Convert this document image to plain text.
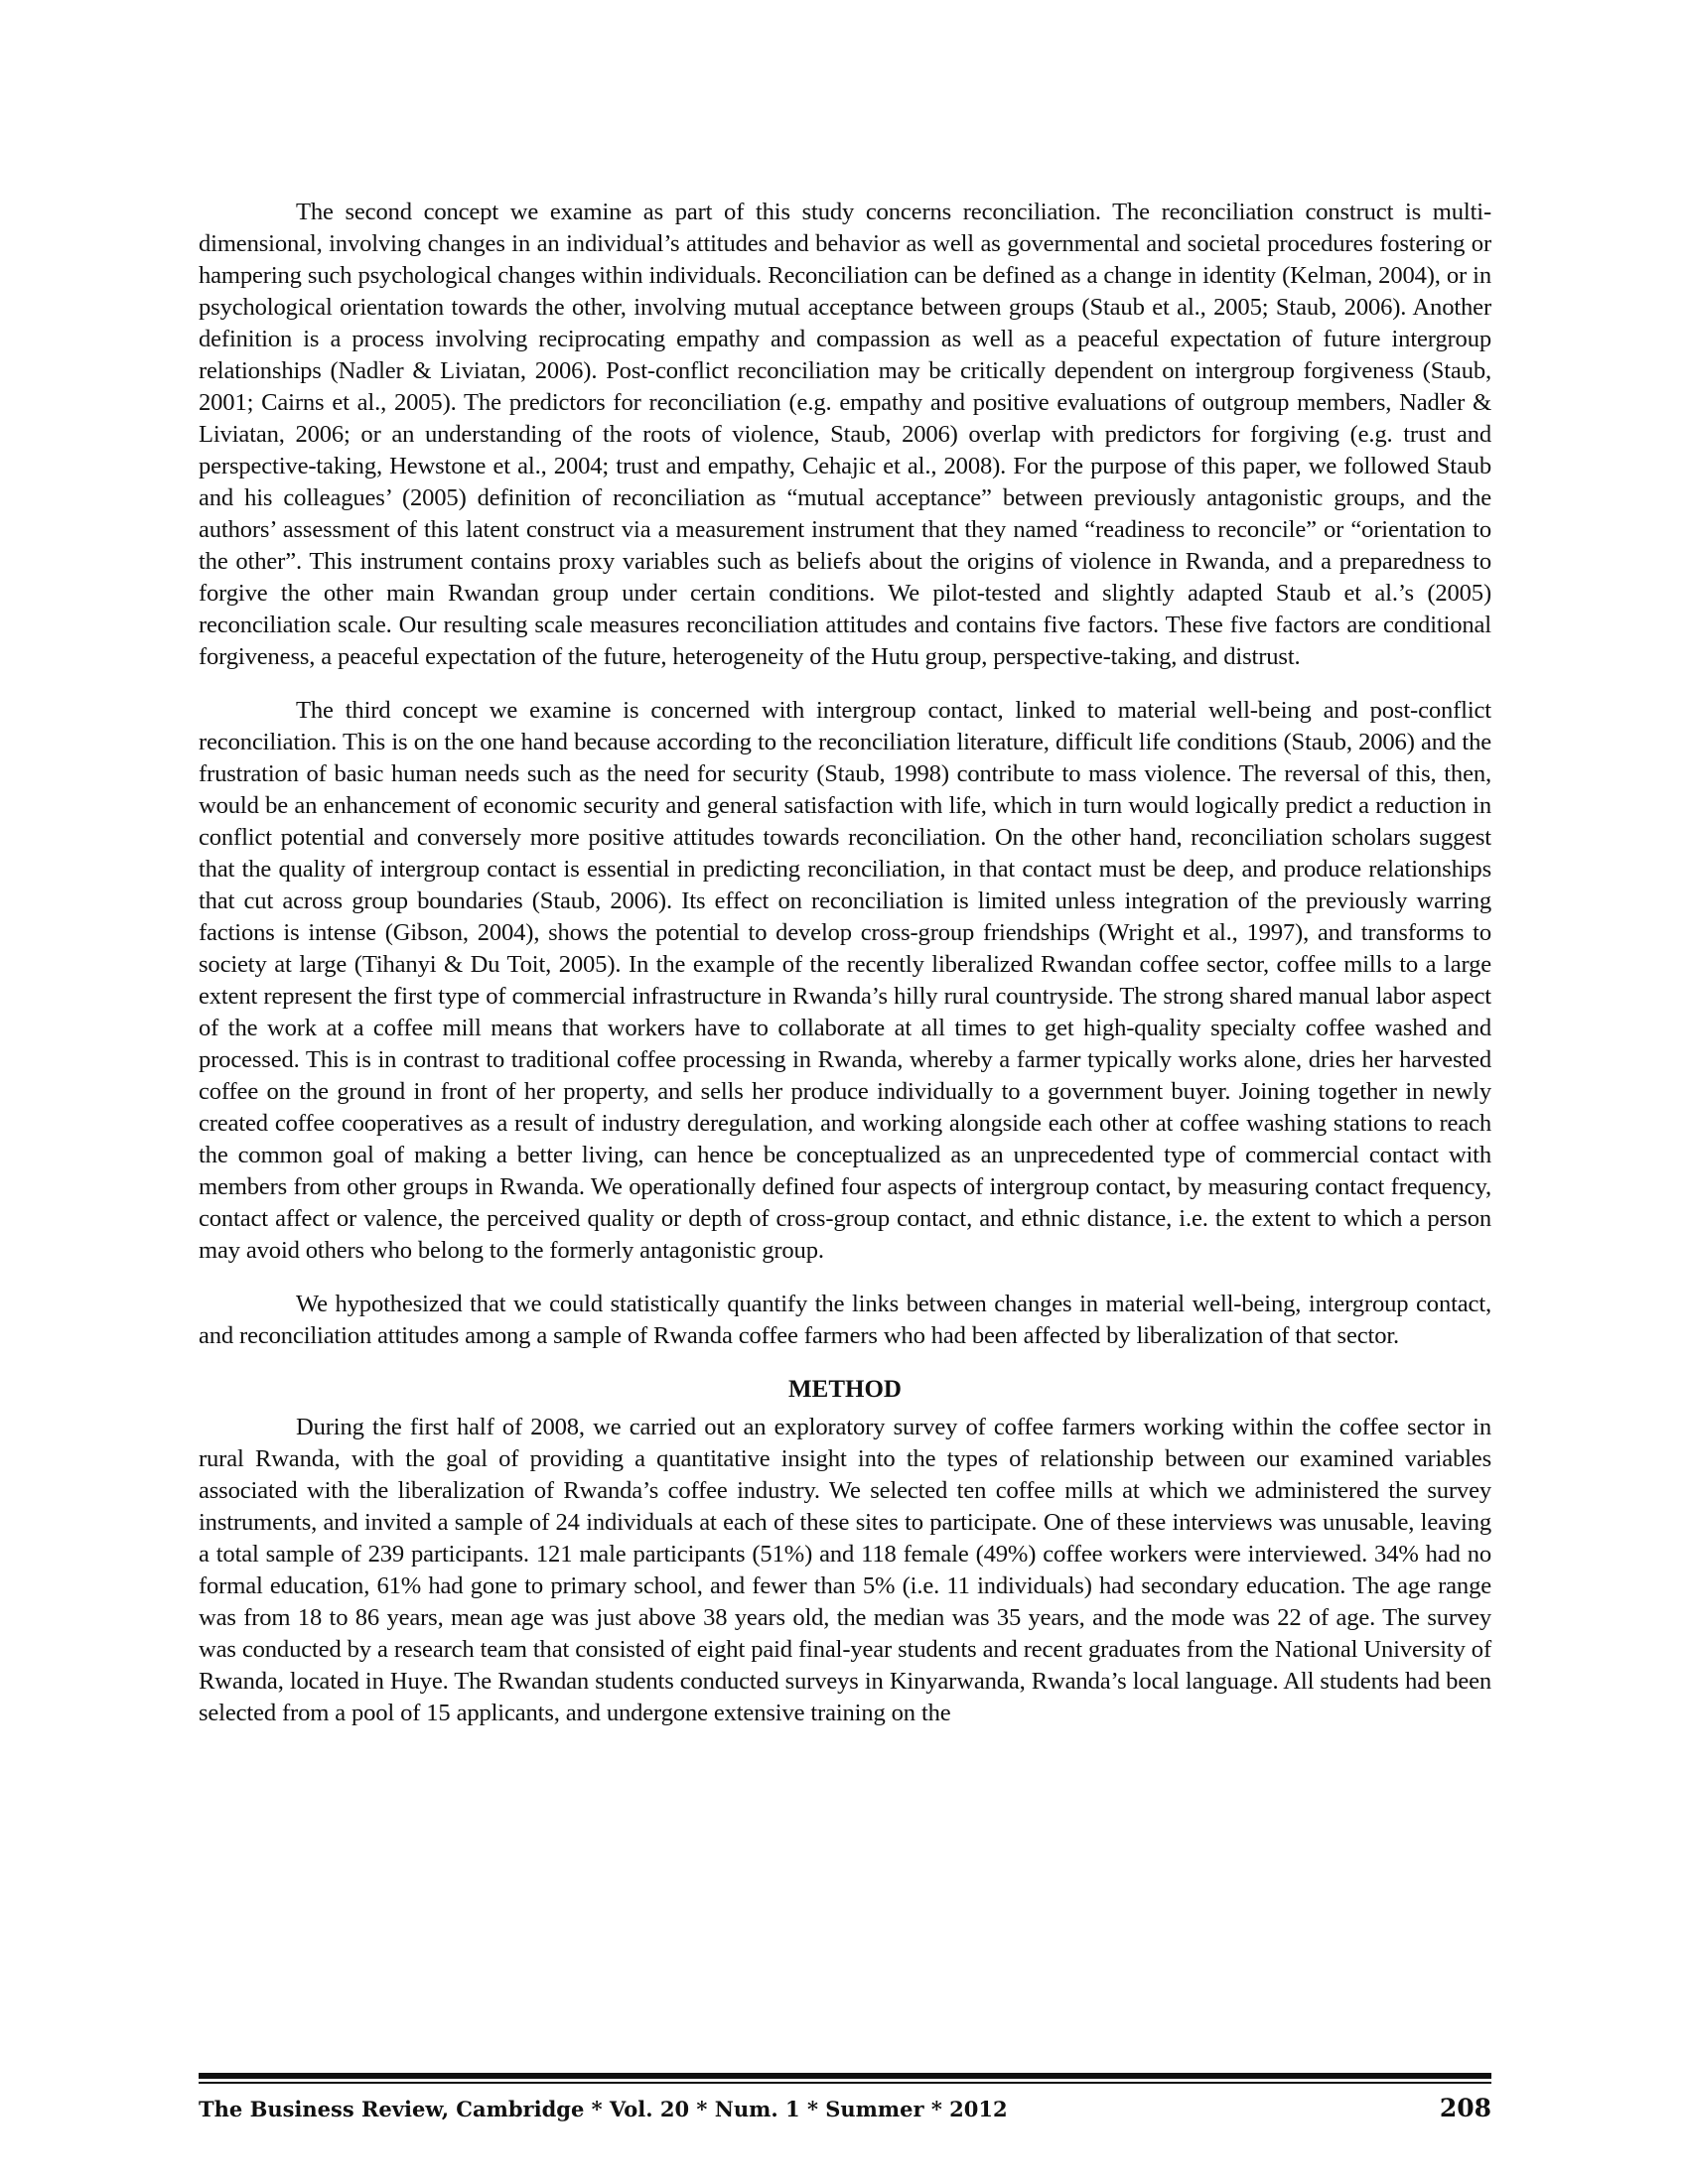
The second concept we examine as part of this study concerns reconciliation. The reconciliation construct is multi-dimensional, involving changes in an individual’s attitudes and behavior as well as governmental and societal procedures fostering or hampering such psychological changes within individuals. Reconciliation can be defined as a change in identity (Kelman, 2004), or in psychological orientation towards the other, involving mutual acceptance between groups (Staub et al., 2005; Staub, 2006). Another definition is a process involving reciprocating empathy and compassion as well as a peaceful expectation of future intergroup relationships (Nadler & Liviatan, 2006). Post-conflict reconciliation may be critically dependent on intergroup forgiveness (Staub, 2001; Cairns et al., 2005). The predictors for reconciliation (e.g. empathy and positive evaluations of outgroup members, Nadler & Liviatan, 2006; or an understanding of the roots of violence, Staub, 2006) overlap with predictors for forgiving (e.g. trust and perspective-taking, Hewstone et al., 2004; trust and empathy, Cehajic et al., 2008). For the purpose of this paper, we followed Staub and his colleagues’ (2005) definition of reconciliation as “mutual acceptance” between previously antagonistic groups, and the authors’ assessment of this latent construct via a measurement instrument that they named “readiness to reconcile” or “orientation to the other”. This instrument contains proxy variables such as beliefs about the origins of violence in Rwanda, and a preparedness to forgive the other main Rwandan group under certain conditions. We pilot-tested and slightly adapted Staub et al.’s (2005) reconciliation scale. Our resulting scale measures reconciliation attitudes and contains five factors. These five factors are conditional forgiveness, a peaceful expectation of the future, heterogeneity of the Hutu group, perspective-taking, and distrust.

The third concept we examine is concerned with intergroup contact, linked to material well-being and post-conflict reconciliation. This is on the one hand because according to the reconciliation literature, difficult life conditions (Staub, 2006) and the frustration of basic human needs such as the need for security (Staub, 1998) contribute to mass violence. The reversal of this, then, would be an enhancement of economic security and general satisfaction with life, which in turn would logically predict a reduction in conflict potential and conversely more positive attitudes towards reconciliation. On the other hand, reconciliation scholars suggest that the quality of intergroup contact is essential in predicting reconciliation, in that contact must be deep, and produce relationships that cut across group boundaries (Staub, 2006). Its effect on reconciliation is limited unless integration of the previously warring factions is intense (Gibson, 2004), shows the potential to develop cross-group friendships (Wright et al., 1997), and transforms to society at large (Tihanyi & Du Toit, 2005). In the example of the recently liberalized Rwandan coffee sector, coffee mills to a large extent represent the first type of commercial infrastructure in Rwanda’s hilly rural countryside. The strong shared manual labor aspect of the work at a coffee mill means that workers have to collaborate at all times to get high-quality specialty coffee washed and processed. This is in contrast to traditional coffee processing in Rwanda, whereby a farmer typically works alone, dries her harvested coffee on the ground in front of her property, and sells her produce individually to a government buyer. Joining together in newly created coffee cooperatives as a result of industry deregulation, and working alongside each other at coffee washing stations to reach the common goal of making a better living, can hence be conceptualized as an unprecedented type of commercial contact with members from other groups in Rwanda. We operationally defined four aspects of intergroup contact, by measuring contact frequency, contact affect or valence, the perceived quality or depth of cross-group contact, and ethnic distance, i.e. the extent to which a person may avoid others who belong to the formerly antagonistic group.

We hypothesized that we could statistically quantify the links between changes in material well-being, intergroup contact, and reconciliation attitudes among a sample of Rwanda coffee farmers who had been affected by liberalization of that sector.

METHOD

During the first half of 2008, we carried out an exploratory survey of coffee farmers working within the coffee sector in rural Rwanda, with the goal of providing a quantitative insight into the types of relationship between our examined variables associated with the liberalization of Rwanda’s coffee industry. We selected ten coffee mills at which we administered the survey instruments, and invited a sample of 24 individuals at each of these sites to participate. One of these interviews was unusable, leaving a total sample of 239 participants. 121 male participants (51%) and 118 female (49%) coffee workers were interviewed. 34% had no formal education, 61% had gone to primary school, and fewer than 5% (i.e. 11 individuals) had secondary education. The age range was from 18 to 86 years, mean age was just above 38 years old, the median was 35 years, and the mode was 22 of age. The survey was conducted by a research team that consisted of eight paid final-year students and recent graduates from the National University of Rwanda, located in Huye. The Rwandan students conducted surveys in Kinyarwanda, Rwanda’s local language. All students had been selected from a pool of 15 applicants, and undergone extensive training on the

The Business Review, Cambridge * Vol. 20 * Num. 1 * Summer * 2012	208
